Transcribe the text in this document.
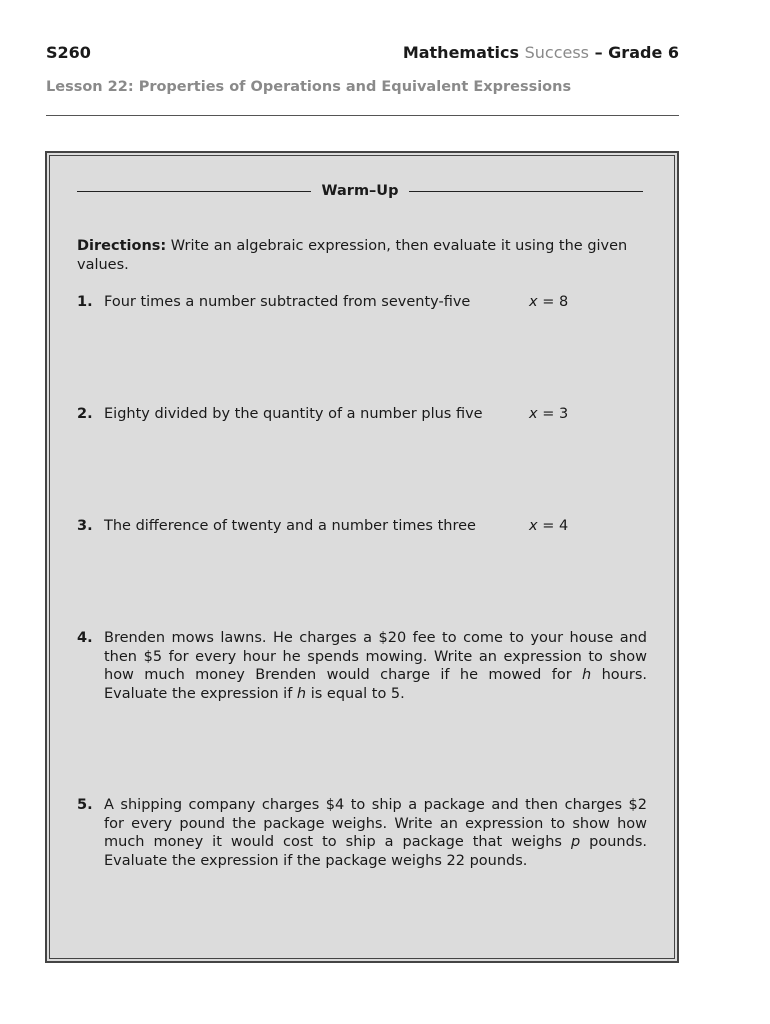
S260	Mathematics Success – Grade 6
Lesson 22: Properties of Operations and Equivalent Expressions
Warm–Up
Directions: Write an algebraic expression, then evaluate it using the given values.
1. Four times a number subtracted from seventy-five	x = 8
2. Eighty divided by the quantity of a number plus five	x = 3
3. The difference of twenty and a number times three	x = 4
4. Brenden mows lawns. He charges a $20 fee to come to your house and then $5 for every hour he spends mowing. Write an expression to show how much money Brenden would charge if he mowed for h hours. Evaluate the expression if h is equal to 5.
5. A shipping company charges $4 to ship a package and then charges $2 for every pound the package weighs. Write an expression to show how much money it would cost to ship a package that weighs p pounds. Evaluate the expression if the package weighs 22 pounds.
